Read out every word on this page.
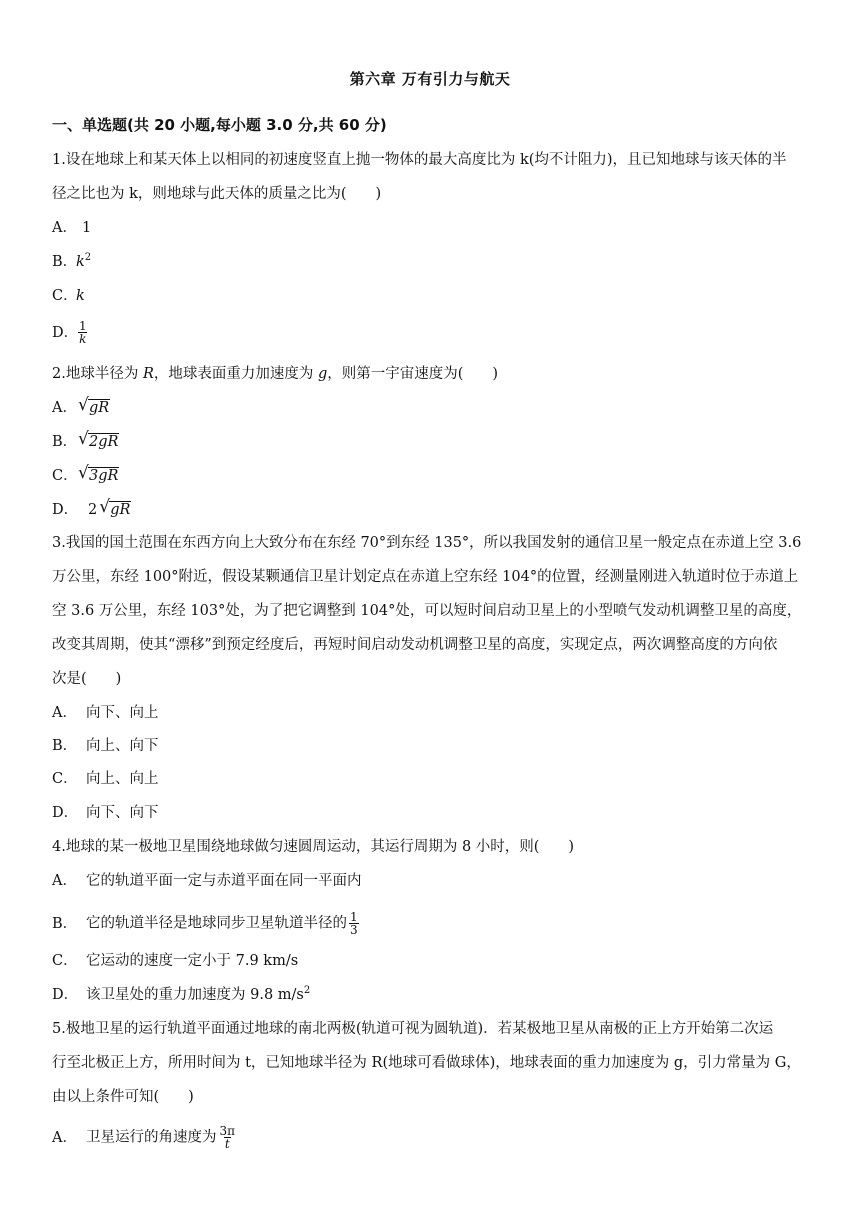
第六章 万有引力与航天
一、单选题(共 20 小题,每小题 3.0 分,共 60 分)
1.设在地球上和某天体上以相同的初速度竖直上抛一物体的最大高度比为 k(均不计阻力)，且已知地球与该天体的半
径之比也为 k，则地球与此天体的质量之比为(　　)
A． 1
B．$k^2$
C．k
D． $\frac{1}{k}$
2.地球半径为 R，地球表面重力加速度为 g，则第一宇宙速度为(　　)
A． √ gR
B． √ 2gR
C． √ 3gR
D． 2 √ gR
3.我国的国土范围在东西方向上大致分布在东经 70°到东经 135°，所以我国发射的通信卫星一般定点在赤道上空 3.6
万公里，东经 100°附近，假设某颗通信卫星计划定点在赤道上空东经 104°的位置，经测量刚进入轨道时位于赤道上
空 3.6 万公里，东经 103°处，为了把它调整到 104°处，可以短时间启动卫星上的小型喷气发动机调整卫星的高度，
改变其周期，使其“漂移”到预定经度后，再短时间启动发动机调整卫星的高度，实现定点，两次调整高度的方向依
次是(　　)
A． 向下、向上
B． 向上、向下
C． 向上、向上
D． 向下、向下
4.地球的某一极地卫星围绕地球做匀速圆周运动，其运行周期为 8 小时，则(　　)
A． 它的轨道平面一定与赤道平面在同一平面内
B． 它的轨道半径是地球同步卫星轨道半径的 $\frac{1}{3}$
C． 它运动的速度一定小于 7.9 km/s
D． 该卫星处的重力加速度为 9.8 $m/s^2$
5.极地卫星的运行轨道平面通过地球的南北两极(轨道可视为圆轨道)．若某极地卫星从南极的正上方开始第二次运
行至北极正上方，所用时间为 t，已知地球半径为 R(地球可看做球体)，地球表面的重力加速度为 g，引力常量为 G，
由以上条件可知(　　)
A． 卫星运行的角速度为 $\frac{3\pi}{t}$
